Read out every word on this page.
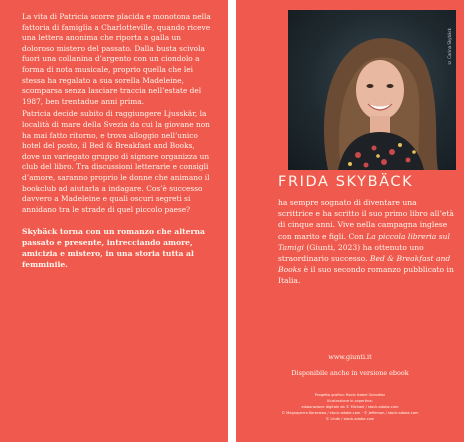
La vita di Patricia scorre placida e monotona nella fattoria di famiglia a Charlotteville, quando riceve una lettera anonima che riporta a galla un doloroso mistero del passato. Dalla busta scivola fuori una collanina d’argento con un ciondolo a forma di nota musicale, proprio quella che lei stessa ha regalato a sua sorella Madeleine, scomparsa senza lasciare traccia nell’estate del 1987, ben trentadue anni prima.

Patricia decide subito di raggiungere Ljusskär, la località di mare della Svezia da cui la giovane non ha mai fatto ritorno, e trova alloggio nell’unico hotel del posto, il Bed & Breakfast and Books, dove un variegato gruppo di signore organizza un club del libro. Tra discussioni letterarie e consigli d’amore, saranno proprio le donne che animano il bookclub ad aiutarla a indagare. Cos’è successo davvero a Madeleine e quali oscuri segreti si annidano tra le strade di quel piccolo paese?

Skybäck torna con un romanzo che alterna passato e presente, intrecciando amore, amicizia e mistero, in una storia tutta al femminile.

© Carina Skybäck
FRIDA SKYBÄCK

ha sempre sognato di diventare una scrittrice e ha scritto il suo primo libro all’età di cinque anni. Vive nella campagna inglese con marito e figli. Con La piccola libreria sul Tamigi (Giunti, 2023) ha ottenuto uno straordinario successo. Bed & Breakfast and Books è il suo secondo romanzo pubblicato in Italia.

www.giunti.it
Disponibile anche in versione ebook
Progetto grafico: Rocío Isabel González
Illustrazione in copertina:
elaborazione digitale da © Michael / stock.adobe.com
© Magnaperra Korecowa / stock.adobe.com · © Jefferson / stock.adobe.com
© Lindk / stock.adobe.com
